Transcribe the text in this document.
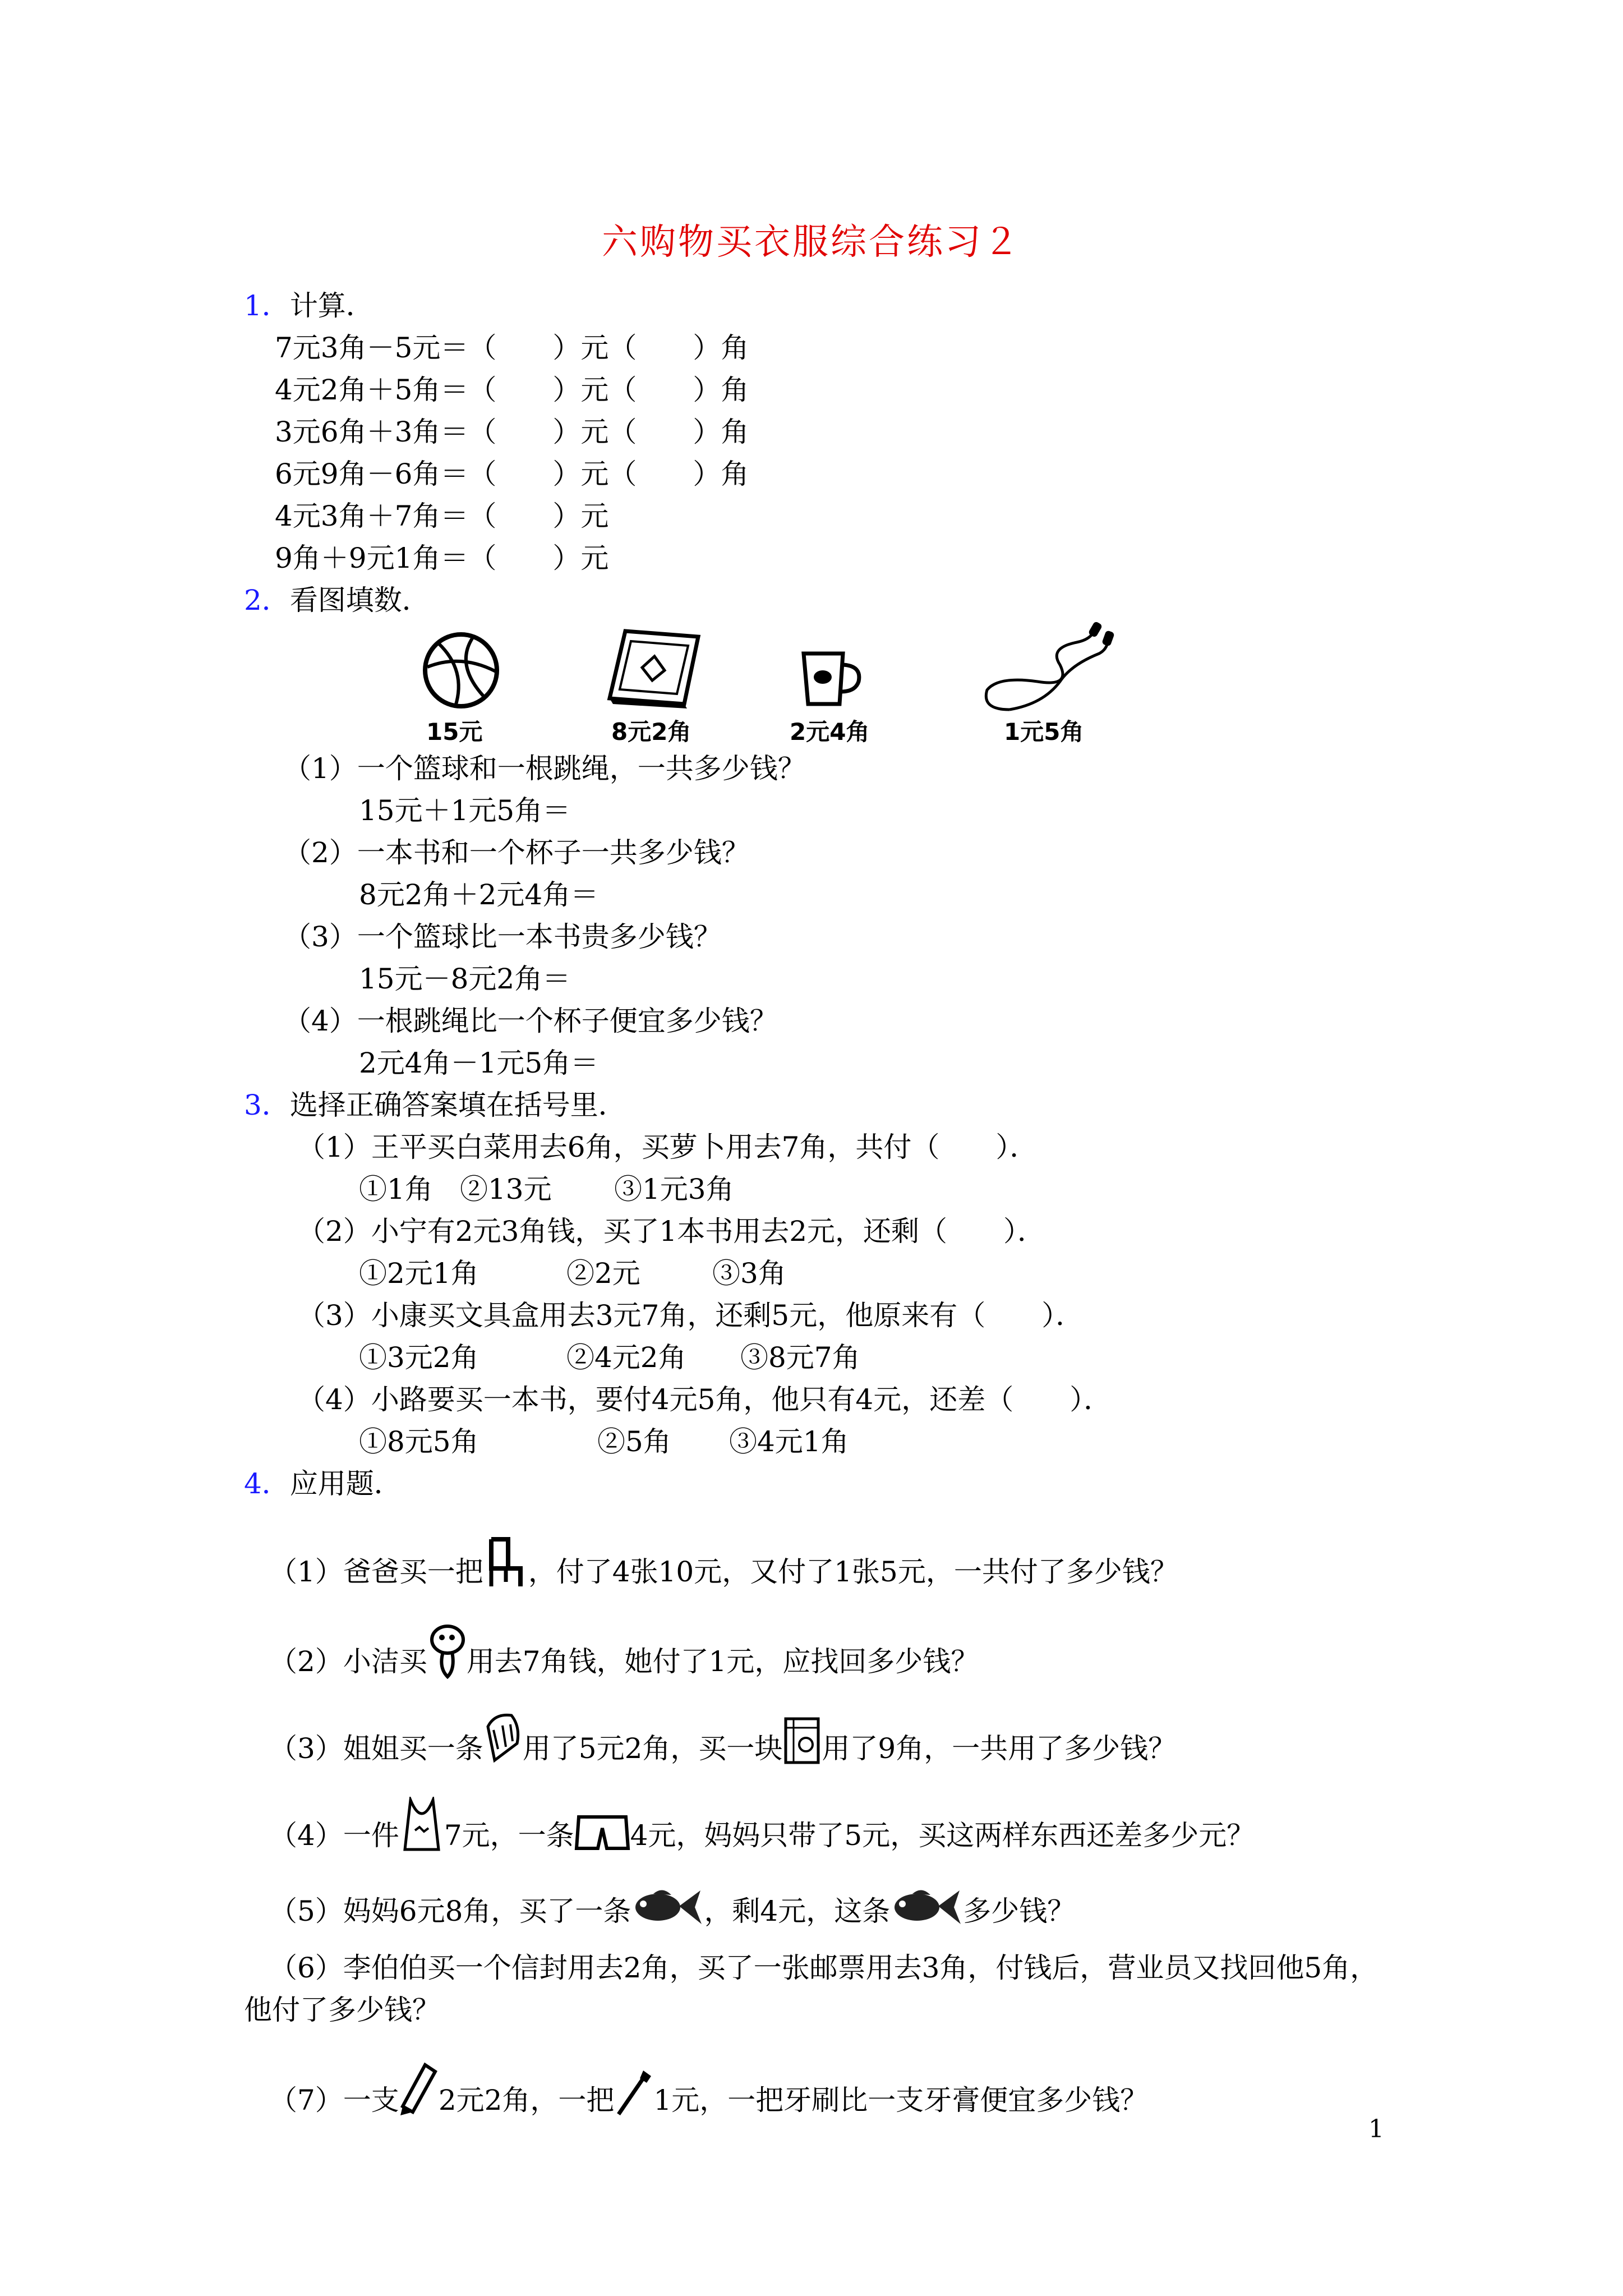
六购物买衣服综合练习２
1．计算．
7元3角－5元＝（　　）元（　　）角
4元2角＋5角＝（　　）元（　　）角
3元6角＋3角＝（　　）元（　　）角
6元9角－6角＝（　　）元（　　）角
4元3角＋7角＝（　　）元
9角＋9元1角＝（　　）元
2．看图填数．
15元	8元2角	2元4角	1元5角
（1）一个篮球和一根跳绳，一共多少钱？
15元＋1元5角＝
（2）一本书和一个杯子一共多少钱？
8元2角＋2元4角＝
（3）一个篮球比一本书贵多少钱？
15元－8元2角＝
（4）一根跳绳比一个杯子便宜多少钱？
2元4角－1元5角＝
3．选择正确答案填在括号里．
（1）王平买白菜用去6角，买萝卜用去7角，共付（　　）．
①1角 ②13元 ③1元3角
（2）小宁有2元3角钱，买了1本书用去2元，还剩（　　）．
①2元1角	②2元	③3角
（3）小康买文具盒用去3元7角，还剩5元，他原来有（　　）．
①3元2角	②4元2角 ③8元7角
（4）小路要买一本书，要付4元5角，他只有4元，还差（　　）．
①8元5角	②5角 ③4元1角
4．应用题．
（1）爸爸买一把 ，付了4张10元，又付了1张5元，一共付了多少钱？
（2）小洁买 用去7角钱，她付了1元，应找回多少钱？
（3）姐姐买一条 用了5元2角，买一块 用了9角，一共用了多少钱？
（4）一件 7元，一条 4元，妈妈只带了5元，买这两样东西还差多少元？
（5）妈妈6元8角，买了一条	，剩4元，这条	多少钱？
（6）李伯伯买一个信封用去2角，买了一张邮票用去3角，付钱后，营业员又找回他5角，
他付了多少钱？
（7）一支 2元2角，一把 1元，一把牙刷比一支牙膏便宜多少钱？
1
